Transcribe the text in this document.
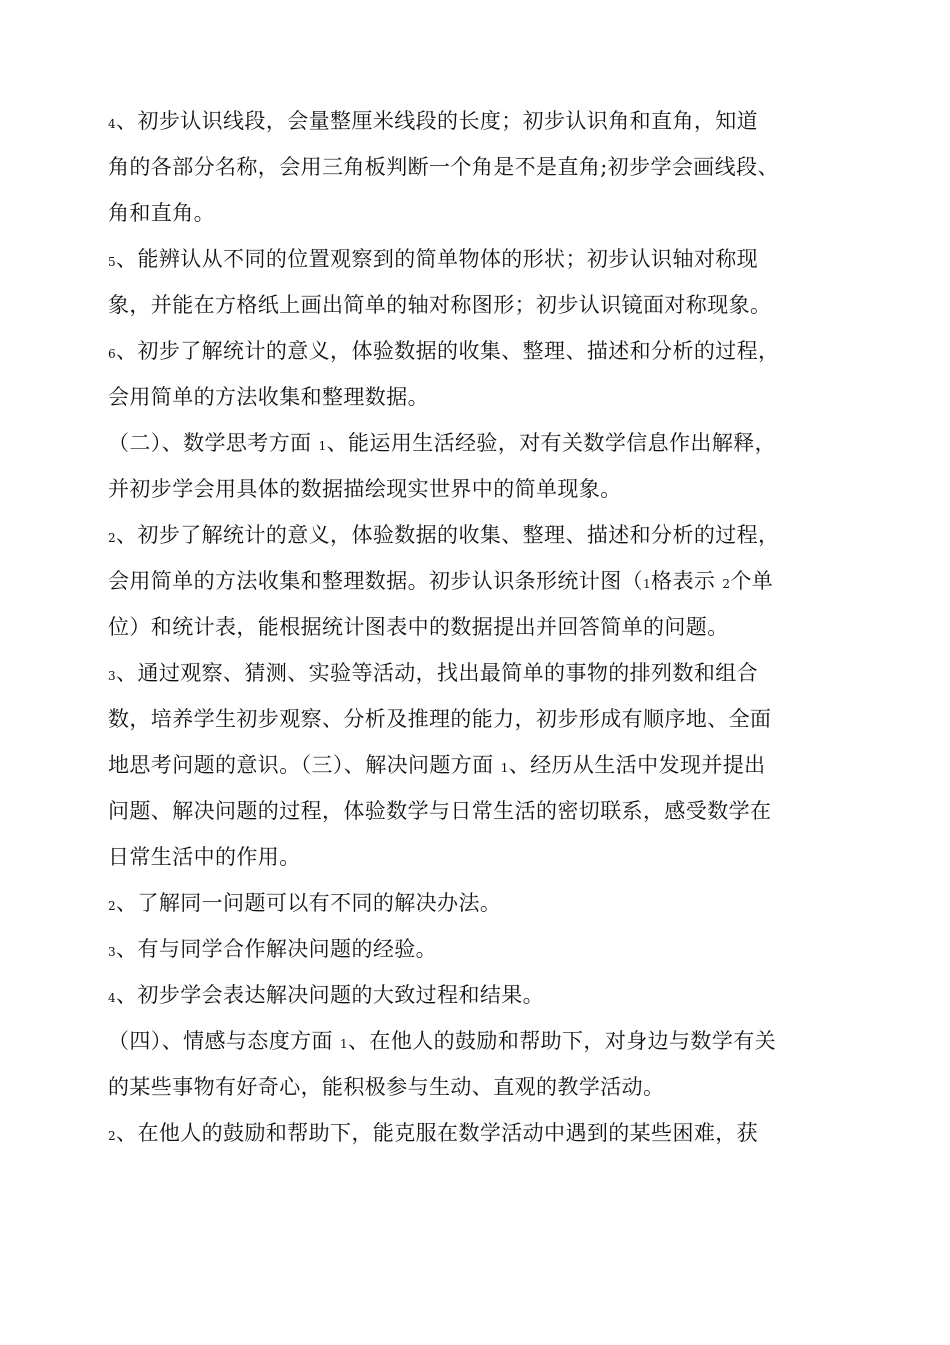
4、初步认识线段，会量整厘米线段的长度；初步认识角和直角，知道
角的各部分名称，会用三角板判断一个角是不是直角;初步学会画线段、
角和直角。
5、能辨认从不同的位置观察到的简单物体的形状；初步认识轴对称现
象，并能在方格纸上画出简单的轴对称图形；初步认识镜面对称现象。
6、初步了解统计的意义，体验数据的收集、整理、描述和分析的过程，
会用简单的方法收集和整理数据。
（二）、数学思考方面 1、能运用生活经验，对有关数学信息作出解释，
并初步学会用具体的数据描绘现实世界中的简单现象。
2、初步了解统计的意义，体验数据的收集、整理、描述和分析的过程，
会用简单的方法收集和整理数据。初步认识条形统计图（1格表示 2个单
位）和统计表，能根据统计图表中的数据提出并回答简单的问题。
3、通过观察、猜测、实验等活动，找出最简单的事物的排列数和组合
数，培养学生初步观察、分析及推理的能力，初步形成有顺序地、全面
地思考问题的意识。（三）、解决问题方面 1、经历从生活中发现并提出
问题、解决问题的过程，体验数学与日常生活的密切联系，感受数学在
日常生活中的作用。
2、了解同一问题可以有不同的解决办法。
3、有与同学合作解决问题的经验。
4、初步学会表达解决问题的大致过程和结果。
（四）、情感与态度方面 1、在他人的鼓励和帮助下，对身边与数学有关
的某些事物有好奇心，能积极参与生动、直观的教学活动。
2、在他人的鼓励和帮助下，能克服在数学活动中遇到的某些困难，获
